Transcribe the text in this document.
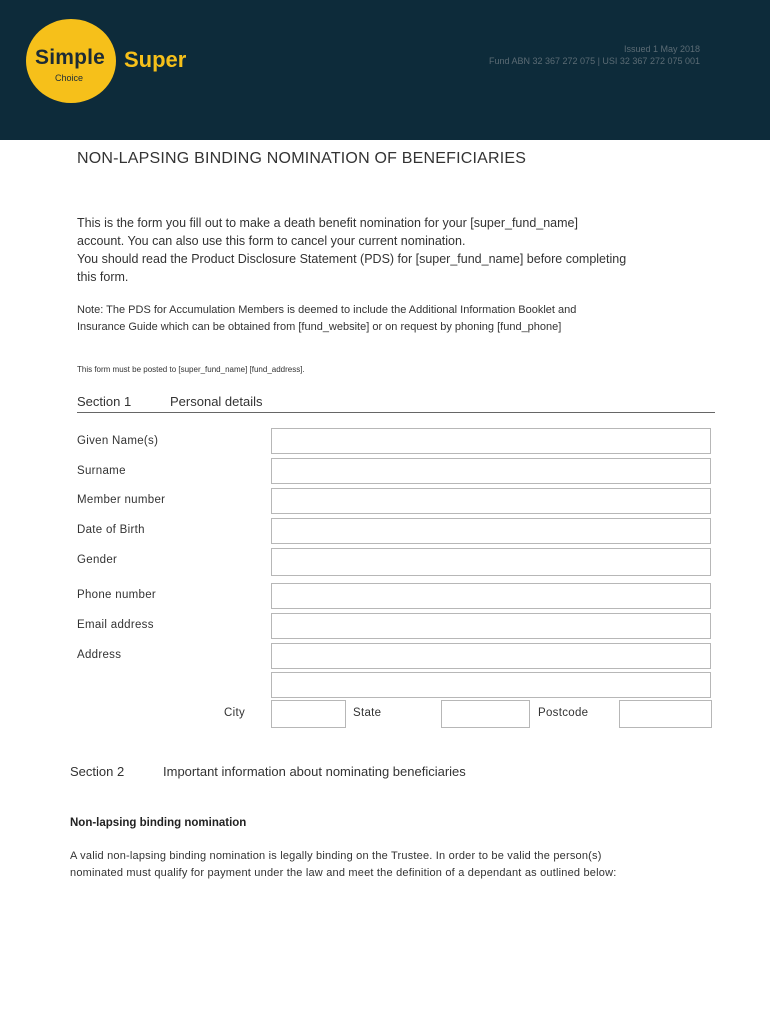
Simple
Choice
Super	Issued 1 May 2018
Fund ABN 32 367 272 075 | USI 32 367 272 075 001
NON-LAPSING BINDING NOMINATION OF BENEFICIARIES
This is the form you fill out to make a death benefit nomination for your [super_fund_name]
account. You can also use this form to cancel your current nomination.
You should read the Product Disclosure Statement (PDS) for [super_fund_name] before completing
this form.
Note: The PDS for Accumulation Members is deemed to include the Additional Information Booklet and
Insurance Guide which can be obtained from [fund_website] or on request by phoning [fund_phone]
This form must be posted to [super_fund_name] [fund_address].
Section 1	Personal details
Given Name(s)
Surname
Member number
Date of Birth
Gender
Phone number
Email address
Address
City	State	Postcode
Section 2	Important information about nominating beneficiaries
Non-lapsing binding nomination
A valid non-lapsing binding nomination is legally binding on the Trustee. In order to be valid the person(s)
nominated must qualify for payment under the law and meet the definition of a dependant as outlined below:
